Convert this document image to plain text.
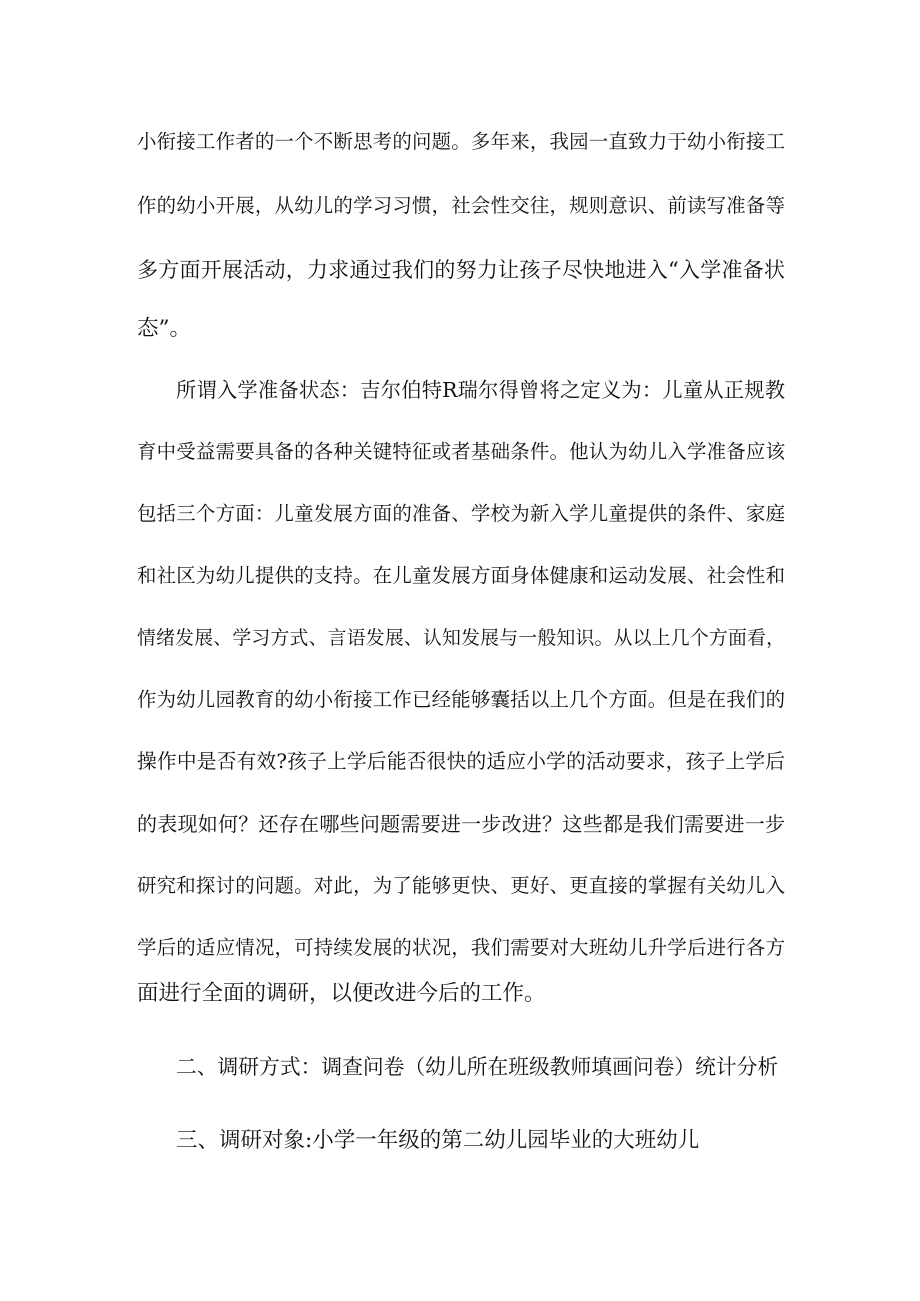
小衔接工作者的一个不断思考的问题。多年来，我园一直致力于幼小衔接工
作的幼小开展，从幼儿的学习习惯，社会性交往，规则意识、前读写准备等
多方面开展活动，力求通过我们的努力让孩子尽快地进入“入学准备状
态”。
所谓入学准备状态：吉尔伯特R瑞尔得曾将之定义为：儿童从正规教
育中受益需要具备的各种关键特征或者基础条件。他认为幼儿入学准备应该
包括三个方面：儿童发展方面的准备、学校为新入学儿童提供的条件、家庭
和社区为幼儿提供的支持。在儿童发展方面身体健康和运动发展、社会性和
情绪发展、学习方式、言语发展、认知发展与一般知识。从以上几个方面看，
作为幼儿园教育的幼小衔接工作已经能够囊括以上几个方面。但是在我们的
操作中是否有效?孩子上学后能否很快的适应小学的活动要求，孩子上学后
的表现如何？还存在哪些问题需要进一步改进？这些都是我们需要进一步
研究和探讨的问题。对此，为了能够更快、更好、更直接的掌握有关幼儿入
学后的适应情况，可持续发展的状况，我们需要对大班幼儿升学后进行各方
面进行全面的调研，以便改进今后的工作。
二、调研方式：调查问卷（幼儿所在班级教师填画问卷）统计分析
三、调研对象:小学一年级的第二幼儿园毕业的大班幼儿
